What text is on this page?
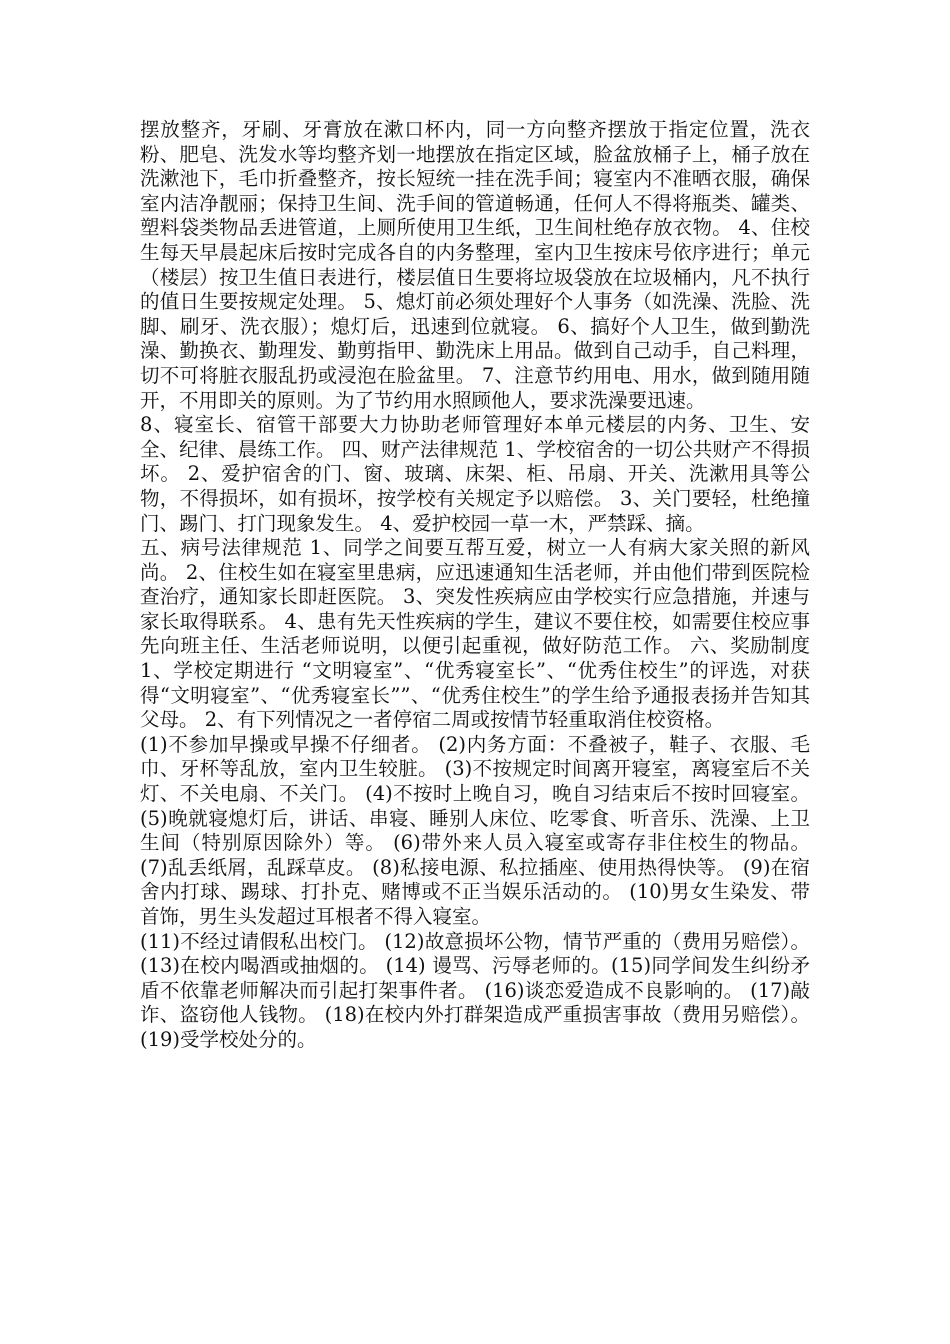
摆放整齐，牙刷、牙膏放在漱口杯内，同一方向整齐摆放于指定位置，洗衣粉、肥皂、洗发水等均整齐划一地摆放在指定区域，脸盆放桶子上，桶子放在洗漱池下，毛巾折叠整齐，按长短统一挂在洗手间；寝室内不准晒衣服，确保室内洁净靓丽；保持卫生间、洗手间的管道畅通，任何人不得将瓶类、罐类、塑料袋类物品丢进管道，上厕所使用卫生纸，卫生间杜绝存放衣物。 4、住校生每天早晨起床后按时完成各自的内务整理，室内卫生按床号依序进行；单元（楼层）按卫生值日表进行，楼层值日生要将垃圾袋放在垃圾桶内，凡不执行的值日生要按规定处理。 5、熄灯前必须处理好个人事务（如洗澡、洗脸、洗脚、刷牙、洗衣服）；熄灯后，迅速到位就寝。 6、搞好个人卫生，做到勤洗澡、勤换衣、勤理发、勤剪指甲、勤洗床上用品。做到自己动手，自己料理，切不可将脏衣服乱扔或浸泡在脸盆里。 7、注意节约用电、用水，做到随用随开，不用即关的原则。为了节约用水照顾他人，要求洗澡要迅速。

8、寝室长、宿管干部要大力协助老师管理好本单元楼层的内务、卫生、安全、纪律、晨练工作。 四、财产法律规范 1、学校宿舍的一切公共财产不得损坏。 2、爱护宿舍的门、窗、玻璃、床架、柜、吊扇、开关、洗漱用具等公物，不得损坏，如有损坏，按学校有关规定予以赔偿。 3、关门要轻，杜绝撞门、踢门、打门现象发生。 4、爱护校园一草一木，严禁踩、摘。

五、病号法律规范 1、同学之间要互帮互爱，树立一人有病大家关照的新风尚。 2、住校生如在寝室里患病，应迅速通知生活老师，并由他们带到医院检查治疗，通知家长即赶医院。 3、突发性疾病应由学校实行应急措施，并速与家长取得联系。 4、患有先天性疾病的学生，建议不要住校，如需要住校应事先向班主任、生活老师说明，以便引起重视，做好防范工作。 六、奖励制度 1、学校定期进行 “文明寝室”、“优秀寝室长”、“优秀住校生”的评选，对获得“文明寝室”、“优秀寝室长””、“优秀住校生”的学生给予通报表扬并告知其父母。 2、有下列情况之一者停宿二周或按情节轻重取消住校资格。

(1)不参加早操或早操不仔细者。 (2)内务方面：不叠被子，鞋子、衣服、毛巾、牙杯等乱放，室内卫生较脏。 (3)不按规定时间离开寝室，离寝室后不关灯、不关电扇、不关门。 (4)不按时上晚自习，晚自习结束后不按时回寝室。 (5)晚就寝熄灯后，讲话、串寝、睡别人床位、吃零食、听音乐、洗澡、上卫生间（特别原因除外）等。 (6)带外来人员入寝室或寄存非住校生的物品。 (7)乱丢纸屑，乱踩草皮。 (8)私接电源、私拉插座、使用热得快等。 (9)在宿舍内打球、踢球、打扑克、赌博或不正当娱乐活动的。 (10)男女生染发、带首饰，男生头发超过耳根者不得入寝室。

(11)不经过请假私出校门。 (12)故意损坏公物，情节严重的（费用另赔偿）。 (13)在校内喝酒或抽烟的。 (14) 谩骂、污辱老师的。(15)同学间发生纠纷矛盾不依靠老师解决而引起打架事件者。 (16)谈恋爱造成不良影响的。 (17)敲诈、盗窃他人钱物。 (18)在校内外打群架造成严重损害事故（费用另赔偿）。 (19)受学校处分的。
